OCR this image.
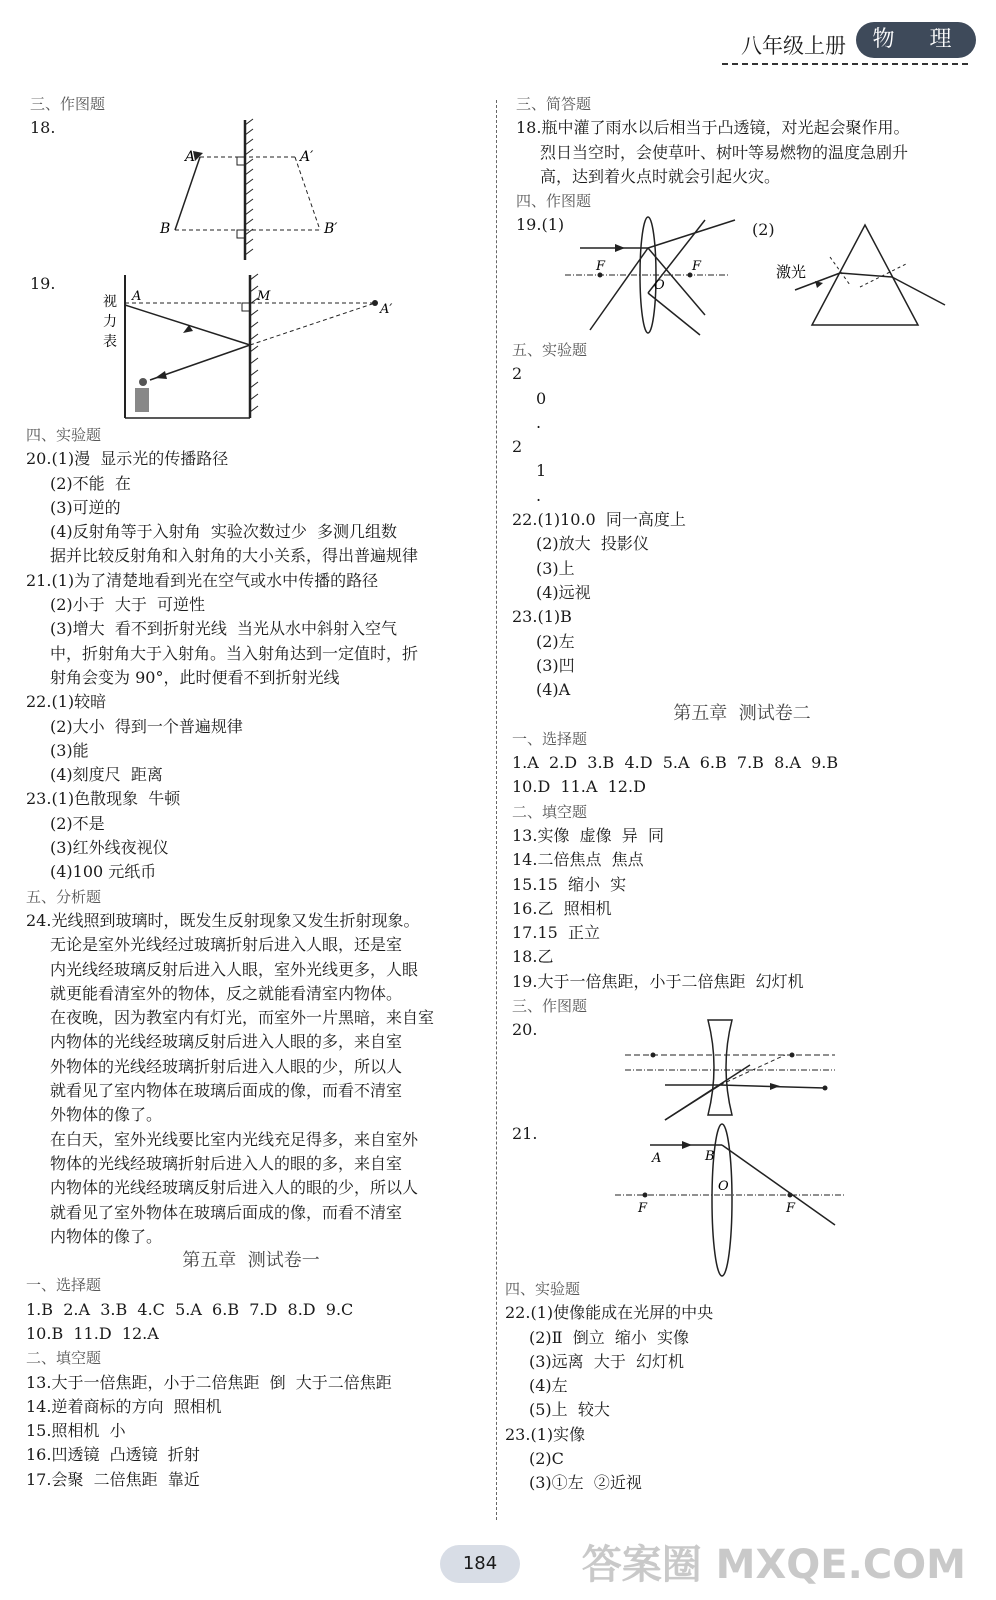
八年级上册	物 理
三、作图题
18.
A	A′
B	B′
19.
A	M
A′
视
力
表
四、实验题
20.(1)漫  显示光的传播路径
(2)不能  在
(3)可逆的
(4)反射角等于入射角  实验次数过少  多测几组数
据并比较反射角和入射角的大小关系，得出普遍规律
21.(1)为了清楚地看到光在空气或水中传播的路径
(2)小于  大于  可逆性
(3)增大  看不到折射光线  当光从水中斜射入空气
中，折射角大于入射角。当入射角达到一定值时，折
射角会变为 90°，此时便看不到折射光线
22.(1)较暗
(2)大小  得到一个普遍规律
(3)能
(4)刻度尺  距离
23.(1)色散现象  牛顿
(2)不是
(3)红外线夜视仪
(4)100 元纸币
五、分析题
24.光线照到玻璃时，既发生反射现象又发生折射现象。
无论是室外光线经过玻璃折射后进入人眼，还是室
内光线经玻璃反射后进入人眼，室外光线更多，人眼
就更能看清室外的物体，反之就能看清室内物体。
在夜晚，因为教室内有灯光，而室外一片黑暗，来自室
内物体的光线经玻璃反射后进入人眼的多，来自室
外物体的光线经玻璃折射后进入人眼的少，所以人
就看见了室内物体在玻璃后面成的像，而看不清室
外物体的像了。
在白天，室外光线要比室内光线充足得多，来自室外
物体的光线经玻璃折射后进入人的眼的多，来自室
内物体的光线经玻璃反射后进入人的眼的少，所以人
就看见了室外物体在玻璃后面成的像，而看不清室
内物体的像了。
第五章  测试卷一
一、选择题
1.B  2.A  3.B  4.C  5.A  6.B  7.D  8.D  9.C
10.B  11.D  12.A
二、填空题
13.大于一倍焦距，小于二倍焦距  倒  大于二倍焦距
14.逆着商标的方向  照相机
15.照相机  小
16.凹透镜  凸透镜  折射
17.会聚  二倍焦距  靠近
三、简答题
18.瓶中灌了雨水以后相当于凸透镜，对光起会聚作用。
烈日当空时，会使草叶、树叶等易燃物的温度急剧升
高，达到着火点时就会引起火灾。
四、作图题
19.(1)	(2)
F	F
O
激光
五、实验题
2
0
.
2
1
.
22.(1)10.0  同一高度上
(2)放大  投影仪
(3)上
(4)远视
23.(1)B
(2)左
(3)凹
(4)A
第五章  测试卷二
一、选择题
1.A  2.D  3.B  4.D  5.A  6.B  7.B  8.A  9.B
10.D  11.A  12.D
二、填空题
13.实像  虚像  异  同
14.二倍焦点  焦点
15.15  缩小  实
16.乙  照相机
17.15  正立
18.乙
19.大于一倍焦距，小于二倍焦距  幻灯机
三、作图题
20.
21.
A	B
O
F	F
四、实验题
22.(1)使像能成在光屏的中央
(2)Ⅱ  倒立  缩小  实像
(3)远离  大于  幻灯机
(4)左
(5)上  较大
23.(1)实像
(2)C
(3)①左  ②近视
184	答案圈 MXQE.COM
